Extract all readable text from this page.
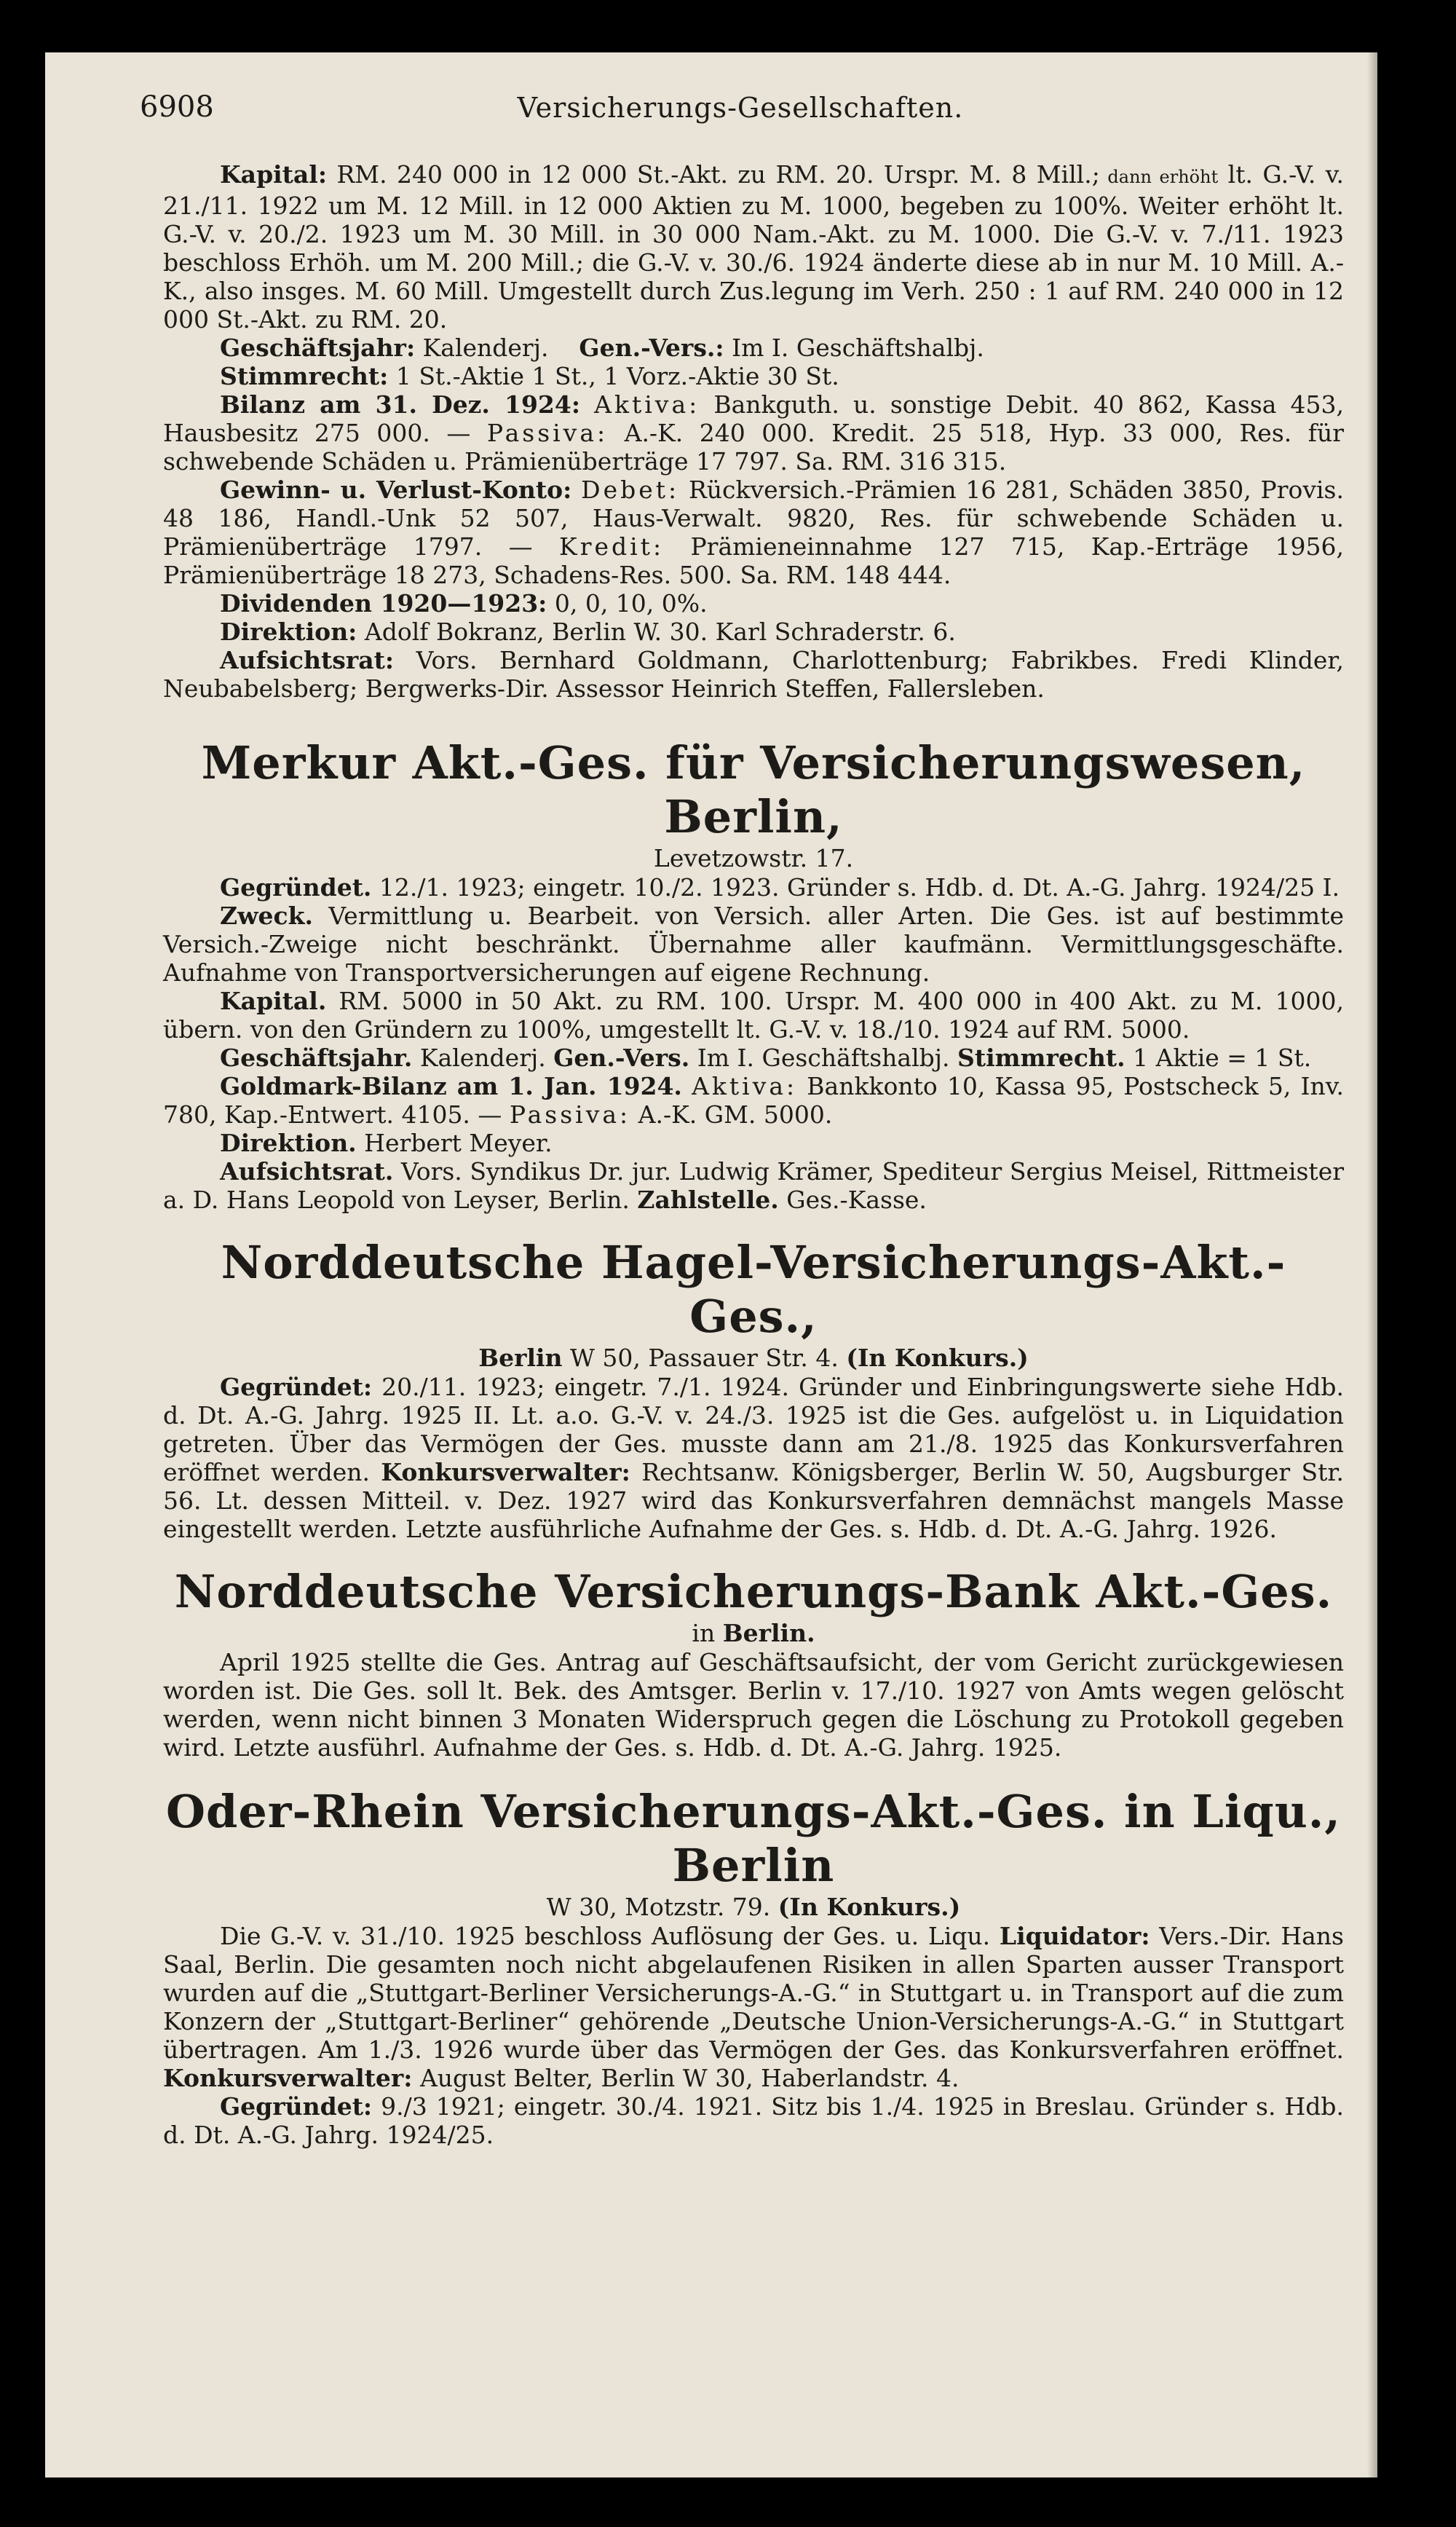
6908	Versicherungs-Gesellschaften.

Kapital: RM. 240 000 in 12 000 St.-Akt. zu RM. 20. Urspr. M. 8 Mill.; dann erhöht lt. G.-V. v. 21./11. 1922 um M. 12 Mill. in 12 000 Aktien zu M. 1000, begeben zu 100%. Weiter erhöht lt. G.-V. v. 20./2. 1923 um M. 30 Mill. in 30 000 Nam.-Akt. zu M. 1000. Die G.-V. v. 7./11. 1923 beschloss Erhöh. um M. 200 Mill.; die G.-V. v. 30./6. 1924 änderte diese ab in nur M. 10 Mill. A.-K., also insges. M. 60 Mill. Umgestellt durch Zus.legung im Verh. 250 : 1 auf RM. 240 000 in 12 000 St.-Akt. zu RM. 20.

Geschäftsjahr: Kalenderj. Gen.-Vers.: Im I. Geschäftshalbj.

Stimmrecht: 1 St.-Aktie 1 St., 1 Vorz.-Aktie 30 St.

Bilanz am 31. Dez. 1924: Aktiva: Bankguth. u. sonstige Debit. 40 862, Kassa 453, Hausbesitz 275 000. — Passiva: A.-K. 240 000. Kredit. 25 518, Hyp. 33 000, Res. für schwebende Schäden u. Prämienüberträge 17 797. Sa. RM. 316 315.

Gewinn- u. Verlust-Konto: Debet: Rückversich.-Prämien 16 281, Schäden 3850, Provis. 48 186, Handl.-Unk 52 507, Haus-Verwalt. 9820, Res. für schwebende Schäden u. Prämienüberträge 1797. — Kredit: Prämieneinnahme 127 715, Kap.-Erträge 1956, Prämienüberträge 18 273, Schadens-Res. 500. Sa. RM. 148 444.

Dividenden 1920—1923: 0, 0, 10, 0%.

Direktion: Adolf Bokranz, Berlin W. 30. Karl Schraderstr. 6.

Aufsichtsrat: Vors. Bernhard Goldmann, Charlottenburg; Fabrikbes. Fredi Klinder, Neubabelsberg; Bergwerks-Dir. Assessor Heinrich Steffen, Fallersleben.

Merkur Akt.-Ges. für Versicherungswesen, Berlin,

Levetzowstr. 17.

Gegründet. 12./1. 1923; eingetr. 10./2. 1923. Gründer s. Hdb. d. Dt. A.-G. Jahrg. 1924/25 I.

Zweck. Vermittlung u. Bearbeit. von Versich. aller Arten. Die Ges. ist auf bestimmte Versich.-Zweige nicht beschränkt. Übernahme aller kaufmänn. Vermittlungsgeschäfte. Aufnahme von Transportversicherungen auf eigene Rechnung.

Kapital. RM. 5000 in 50 Akt. zu RM. 100. Urspr. M. 400 000 in 400 Akt. zu M. 1000, übern. von den Gründern zu 100%, umgestellt lt. G.-V. v. 18./10. 1924 auf RM. 5000.

Geschäftsjahr. Kalenderj. Gen.-Vers. Im I. Geschäftshalbj. Stimmrecht. 1 Aktie = 1 St.

Goldmark-Bilanz am 1. Jan. 1924. Aktiva: Bankkonto 10, Kassa 95, Postscheck 5, Inv. 780, Kap.-Entwert. 4105. — Passiva: A.-K. GM. 5000.

Direktion. Herbert Meyer.

Aufsichtsrat. Vors. Syndikus Dr. jur. Ludwig Krämer, Spediteur Sergius Meisel, Rittmeister a. D. Hans Leopold von Leyser, Berlin. Zahlstelle. Ges.-Kasse.

Norddeutsche Hagel-Versicherungs-Akt.-Ges.,

Berlin W 50, Passauer Str. 4. (In Konkurs.)

Gegründet: 20./11. 1923; eingetr. 7./1. 1924. Gründer und Einbringungswerte siehe Hdb. d. Dt. A.-G. Jahrg. 1925 II. Lt. a.o. G.-V. v. 24./3. 1925 ist die Ges. aufgelöst u. in Liquidation getreten. Über das Vermögen der Ges. musste dann am 21./8. 1925 das Konkursverfahren eröffnet werden. Konkursverwalter: Rechtsanw. Königsberger, Berlin W. 50, Augsburger Str. 56. Lt. dessen Mitteil. v. Dez. 1927 wird das Konkursverfahren demnächst mangels Masse eingestellt werden. Letzte ausführliche Aufnahme der Ges. s. Hdb. d. Dt. A.-G. Jahrg. 1926.

Norddeutsche Versicherungs-Bank Akt.-Ges.

in Berlin.

April 1925 stellte die Ges. Antrag auf Geschäftsaufsicht, der vom Gericht zurückgewiesen worden ist. Die Ges. soll lt. Bek. des Amtsger. Berlin v. 17./10. 1927 von Amts wegen gelöscht werden, wenn nicht binnen 3 Monaten Widerspruch gegen die Löschung zu Protokoll gegeben wird. Letzte ausführl. Aufnahme der Ges. s. Hdb. d. Dt. A.-G. Jahrg. 1925.

Oder-Rhein Versicherungs-Akt.-Ges. in Liqu., Berlin

W 30, Motzstr. 79. (In Konkurs.)

Die G.-V. v. 31./10. 1925 beschloss Auflösung der Ges. u. Liqu. Liquidator: Vers.-Dir. Hans Saal, Berlin. Die gesamten noch nicht abgelaufenen Risiken in allen Sparten ausser Transport wurden auf die „Stuttgart-Berliner Versicherungs-A.-G.“ in Stuttgart u. in Transport auf die zum Konzern der „Stuttgart-Berliner“ gehörende „Deutsche Union-Versicherungs-A.-G.“ in Stuttgart übertragen. Am 1./3. 1926 wurde über das Vermögen der Ges. das Konkursverfahren eröffnet. Konkursverwalter: August Belter, Berlin W 30, Haberlandstr. 4.

Gegründet: 9./3 1921; eingetr. 30./4. 1921. Sitz bis 1./4. 1925 in Breslau. Gründer s. Hdb. d. Dt. A.-G. Jahrg. 1924/25.
